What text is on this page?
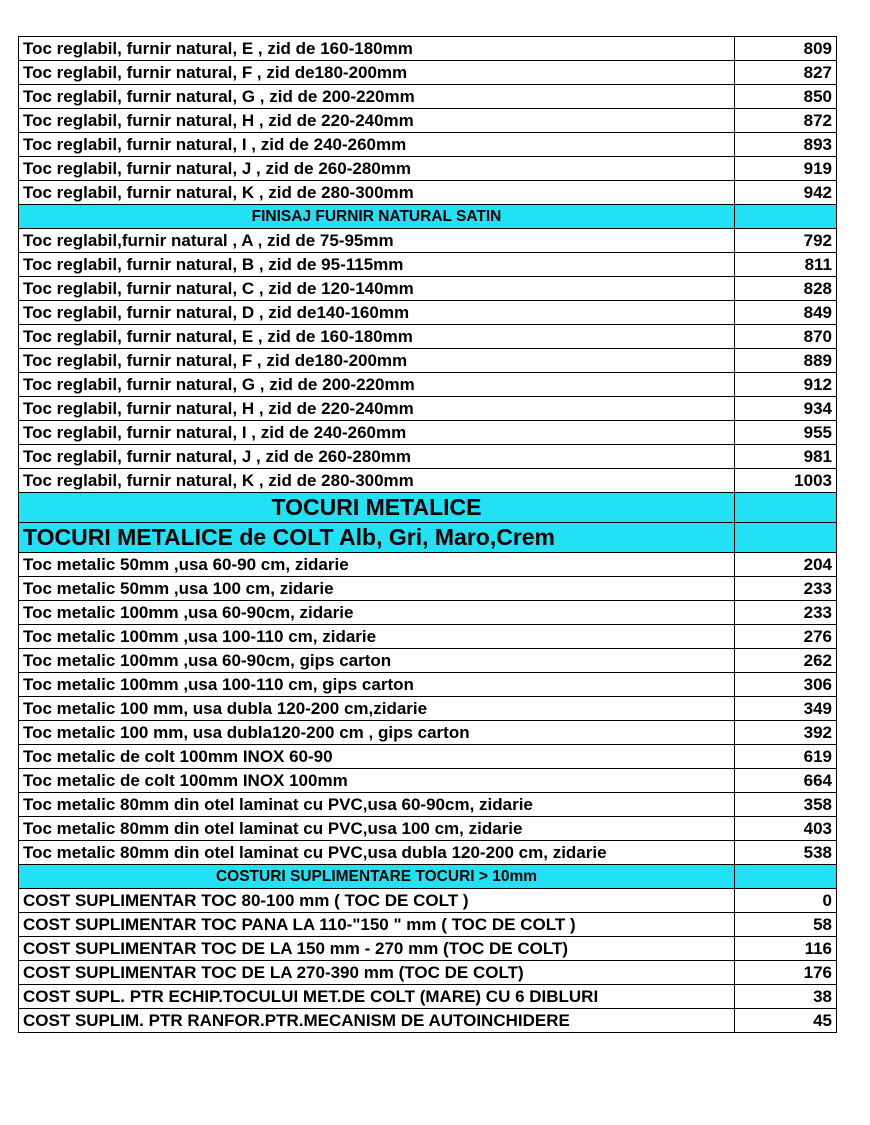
Toc reglabil, furnir natural, E , zid de 160-180mm	809
Toc reglabil, furnir natural, F , zid de180-200mm	827
Toc reglabil, furnir natural, G , zid de 200-220mm	850
Toc reglabil, furnir natural, H , zid de 220-240mm	872
Toc reglabil, furnir natural, I , zid de 240-260mm	893
Toc reglabil, furnir natural, J , zid de 260-280mm	919
Toc reglabil, furnir natural, K , zid de 280-300mm	942
FINISAJ FURNIR NATURAL SATIN	
Toc reglabil,furnir natural , A , zid de 75-95mm	792
Toc reglabil, furnir natural, B , zid de 95-115mm	811
Toc reglabil, furnir natural, C , zid de 120-140mm	828
Toc reglabil, furnir natural, D , zid de140-160mm	849
Toc reglabil, furnir natural, E , zid de 160-180mm	870
Toc reglabil, furnir natural, F , zid de180-200mm	889
Toc reglabil, furnir natural, G , zid de 200-220mm	912
Toc reglabil, furnir natural, H , zid de 220-240mm	934
Toc reglabil, furnir natural, I , zid de 240-260mm	955
Toc reglabil, furnir natural, J , zid de 260-280mm	981
Toc reglabil, furnir natural, K , zid de 280-300mm	1003
TOCURI METALICE	
TOCURI METALICE de COLT Alb, Gri, Maro,Crem	
Toc metalic 50mm ,usa 60-90 cm, zidarie	204
Toc metalic 50mm ,usa 100 cm, zidarie	233
Toc metalic 100mm ,usa 60-90cm, zidarie	233
Toc metalic 100mm ,usa 100-110 cm, zidarie	276
Toc metalic 100mm ,usa 60-90cm, gips carton	262
Toc metalic 100mm ,usa 100-110 cm, gips carton	306
Toc metalic 100 mm, usa dubla 120-200 cm,zidarie	349
Toc metalic 100 mm, usa dubla120-200 cm , gips carton	392
Toc metalic de colt 100mm INOX 60-90	619
Toc metalic de colt 100mm INOX 100mm	664
Toc metalic 80mm din otel laminat cu PVC,usa 60-90cm, zidarie	358
Toc metalic 80mm din otel laminat cu PVC,usa 100 cm, zidarie	403
Toc metalic 80mm din otel laminat cu PVC,usa dubla 120-200 cm, zidarie	538
COSTURI SUPLIMENTARE TOCURI > 10mm	
COST SUPLIMENTAR TOC 80-100 mm ( TOC DE COLT )	0
COST SUPLIMENTAR TOC PANA LA 110-"150 " mm ( TOC DE COLT )	58
COST SUPLIMENTAR TOC DE LA 150 mm - 270 mm (TOC DE COLT)	116
COST SUPLIMENTAR TOC DE LA 270-390 mm (TOC DE COLT)	176
COST SUPL. PTR ECHIP.TOCULUI MET.DE COLT (MARE) CU 6 DIBLURI	38
COST SUPLIM. PTR RANFOR.PTR.MECANISM DE AUTOINCHIDERE	45
